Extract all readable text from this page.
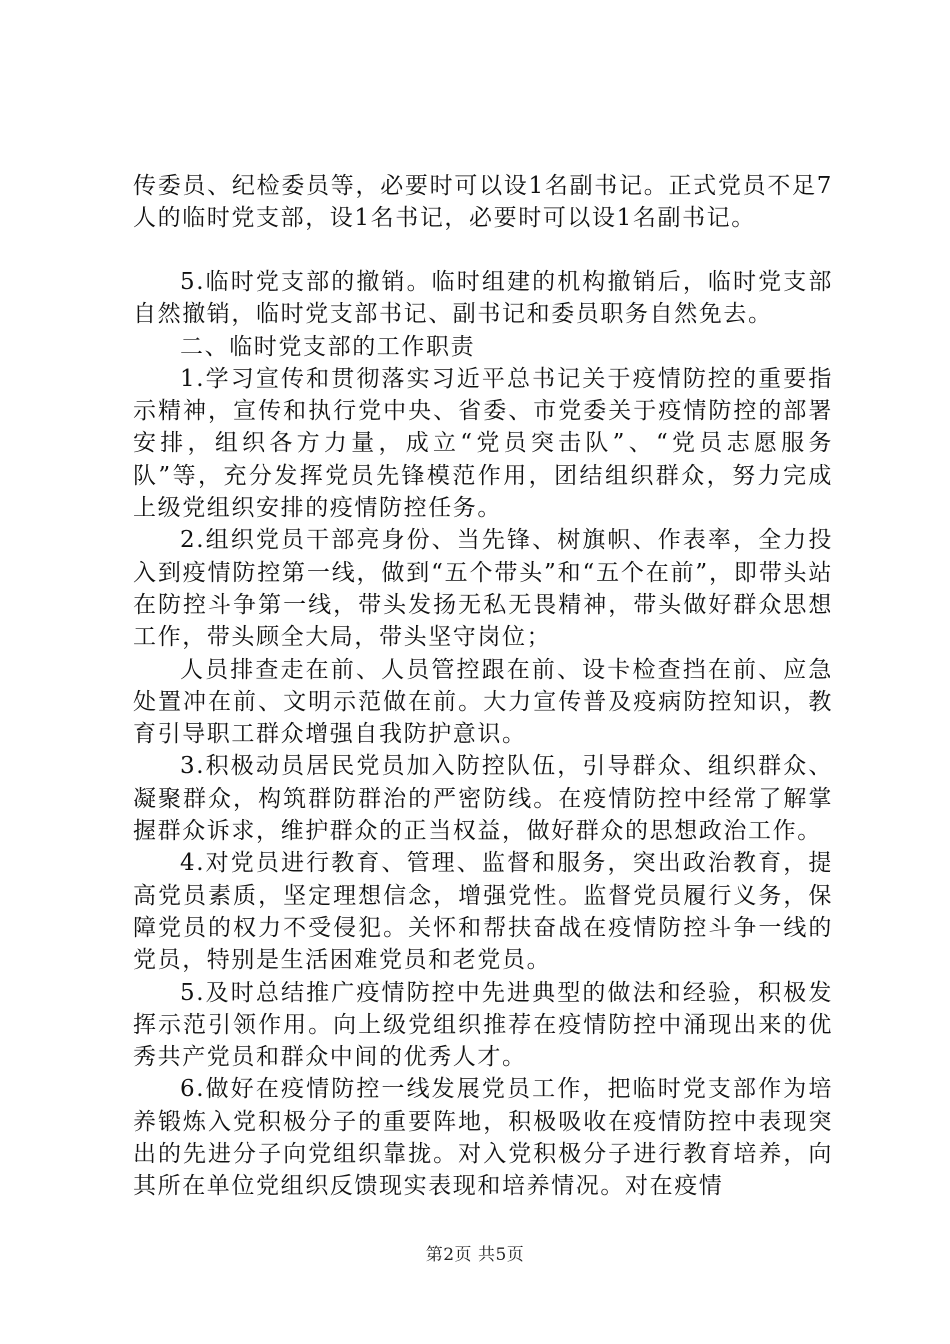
传委员、纪检委员等，必要时可以设1名副书记。正式党员不足7人的临时党支部，设1名书记，必要时可以设1名副书记。

5.临时党支部的撤销。临时组建的机构撤销后，临时党支部自然撤销，临时党支部书记、副书记和委员职务自然免去。

二、临时党支部的工作职责

1.学习宣传和贯彻落实习近平总书记关于疫情防控的重要指示精神，宣传和执行党中央、省委、市党委关于疫情防控的部署安排，组织各方力量，成立“党员突击队”、“党员志愿服务队”等，充分发挥党员先锋模范作用，团结组织群众，努力完成上级党组织安排的疫情防控任务。

2.组织党员干部亮身份、当先锋、树旗帜、作表率，全力投入到疫情防控第一线，做到“五个带头”和“五个在前”，即带头站在防控斗争第一线，带头发扬无私无畏精神，带头做好群众思想工作，带头顾全大局，带头坚守岗位；

人员排查走在前、人员管控跟在前、设卡检查挡在前、应急处置冲在前、文明示范做在前。大力宣传普及疫病防控知识，教育引导职工群众增强自我防护意识。

3.积极动员居民党员加入防控队伍，引导群众、组织群众、凝聚群众，构筑群防群治的严密防线。在疫情防控中经常了解掌握群众诉求，维护群众的正当权益，做好群众的思想政治工作。

4.对党员进行教育、管理、监督和服务，突出政治教育，提高党员素质，坚定理想信念，增强党性。监督党员履行义务，保障党员的权力不受侵犯。关怀和帮扶奋战在疫情防控斗争一线的党员，特别是生活困难党员和老党员。

5.及时总结推广疫情防控中先进典型的做法和经验，积极发挥示范引领作用。向上级党组织推荐在疫情防控中涌现出来的优秀共产党员和群众中间的优秀人才。

6.做好在疫情防控一线发展党员工作，把临时党支部作为培养锻炼入党积极分子的重要阵地，积极吸收在疫情防控中表现突出的先进分子向党组织靠拢。对入党积极分子进行教育培养，向其所在单位党组织反馈现实表现和培养情况。对在疫情

第2页 共5页
